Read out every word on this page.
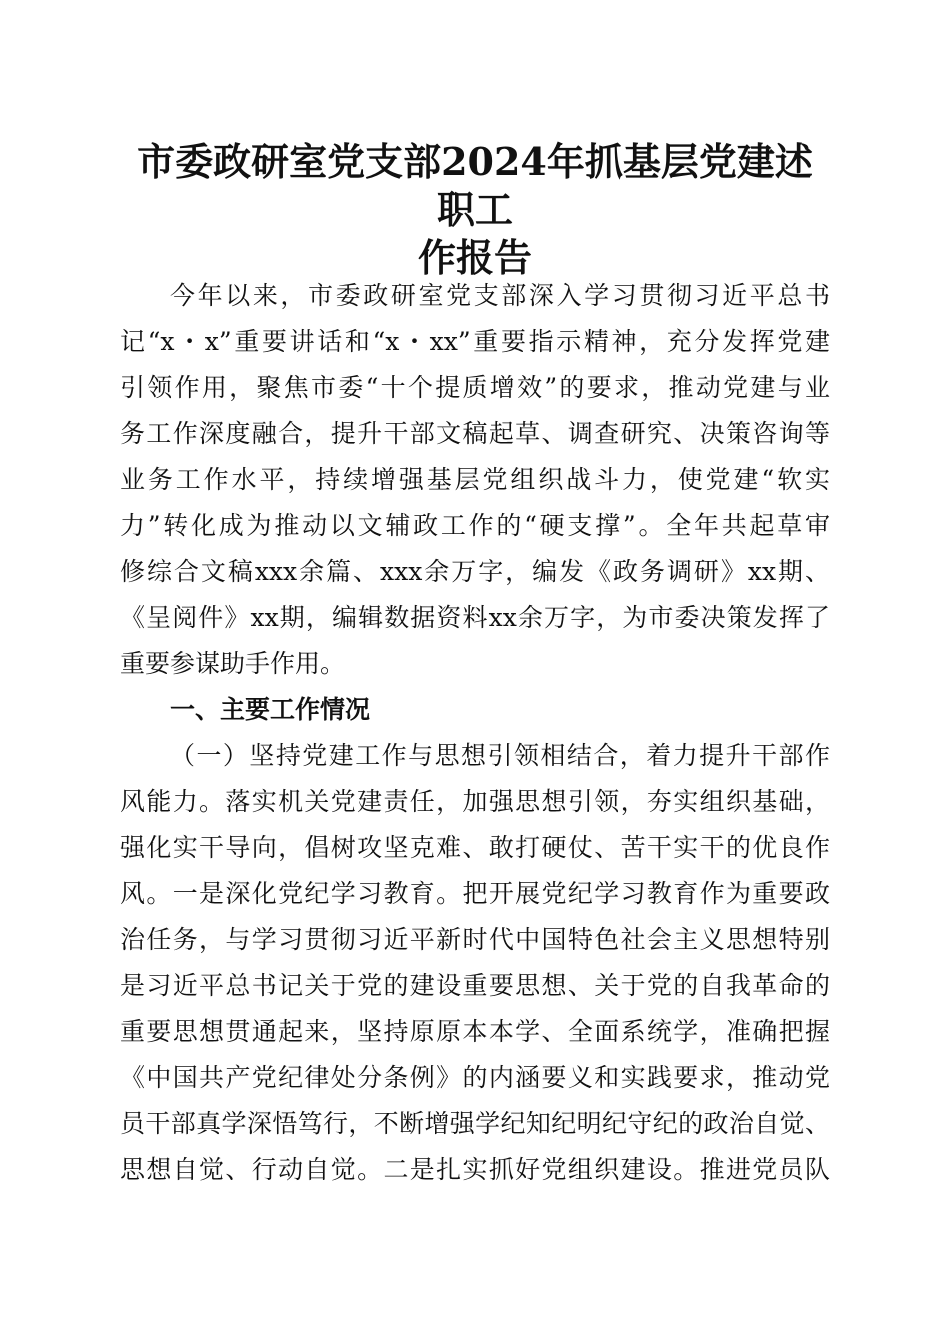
市委政研室党支部2024年抓基层党建述职工
作报告
今年以来，市委政研室党支部深入学习贯彻习近平总书
记“x・x”重要讲话和“x・xx”重要指示精神，充分发挥党建
引领作用，聚焦市委“十个提质增效”的要求，推动党建与业
务工作深度融合，提升干部文稿起草、调查研究、决策咨询等
业务工作水平，持续增强基层党组织战斗力，使党建“软实
力”转化成为推动以文辅政工作的“硬支撑”。全年共起草审
修综合文稿xxx余篇、xxx余万字，编发《政务调研》xx期、
《呈阅件》xx期，编辑数据资料xx余万字，为市委决策发挥了
重要参谋助手作用。
一、主要工作情况
（一）坚持党建工作与思想引领相结合，着力提升干部作
风能力。落实机关党建责任，加强思想引领，夯实组织基础，
强化实干导向，倡树攻坚克难、敢打硬仗、苦干实干的优良作
风。一是深化党纪学习教育。把开展党纪学习教育作为重要政
治任务，与学习贯彻习近平新时代中国特色社会主义思想特别
是习近平总书记关于党的建设重要思想、关于党的自我革命的
重要思想贯通起来，坚持原原本本学、全面系统学，准确把握
《中国共产党纪律处分条例》的内涵要义和实践要求，推动党
员干部真学深悟笃行，不断增强学纪知纪明纪守纪的政治自觉、
思想自觉、行动自觉。二是扎实抓好党组织建设。推进党员队
